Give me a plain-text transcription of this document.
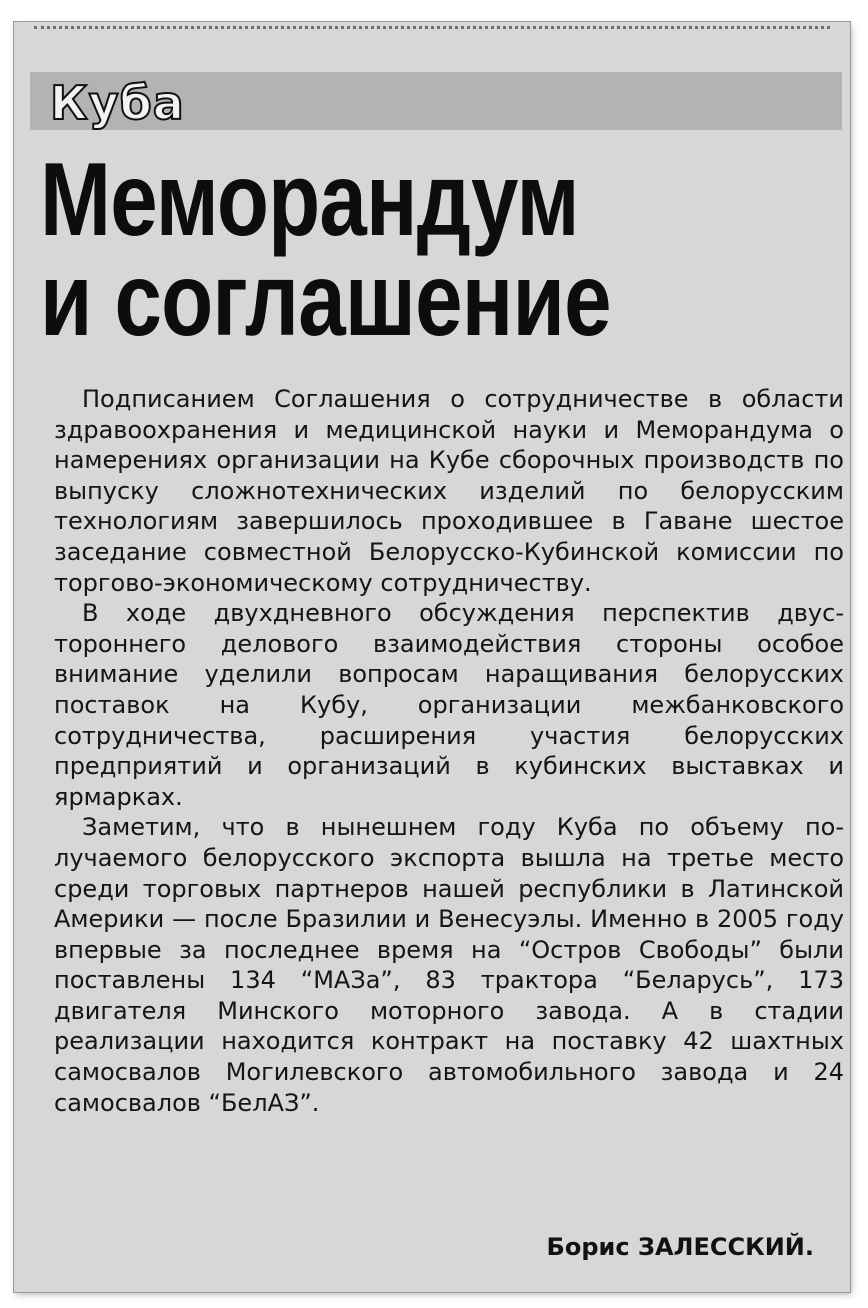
Куба
Меморандум
и соглашение

Подписанием Соглашения о сотрудничестве в области здравоохранения и медицинской науки и Меморандума о намерениях организации на Кубе сборочных производств по выпуску сложнотехнических изделий по белорусским технологиям завершилось проходившее в Гаване шестое заседание совместной Белорусско-Кубинской комиссии по торгово-экономическому сотрудничеству.

В ходе двухдневного обсуждения перспектив двустороннего делового взаимодействия стороны особое внимание уделили вопросам наращивания белорусских поставок на Кубу, организации межбанковского сотрудничества, расширения участия белорусских предприятий и организаций в кубинских выставках и ярмарках.

Заметим, что в нынешнем году Куба по объему получаемого белорусского экспорта вышла на третье место среди торговых партнеров нашей республики в Латинской Америки — после Бразилии и Венесуэлы. Именно в 2005 году впервые за последнее время на “Остров Свободы” были поставлены 134 “МАЗа”, 83 трактора “Беларусь”, 173 двигателя Минского моторного завода. А в стадии реализации находится контракт на поставку 42 шахтных самосвалов Могилевского автомобильного завода и 24 самосвалов “БелАЗ”.

Борис ЗАЛЕССКИЙ.
